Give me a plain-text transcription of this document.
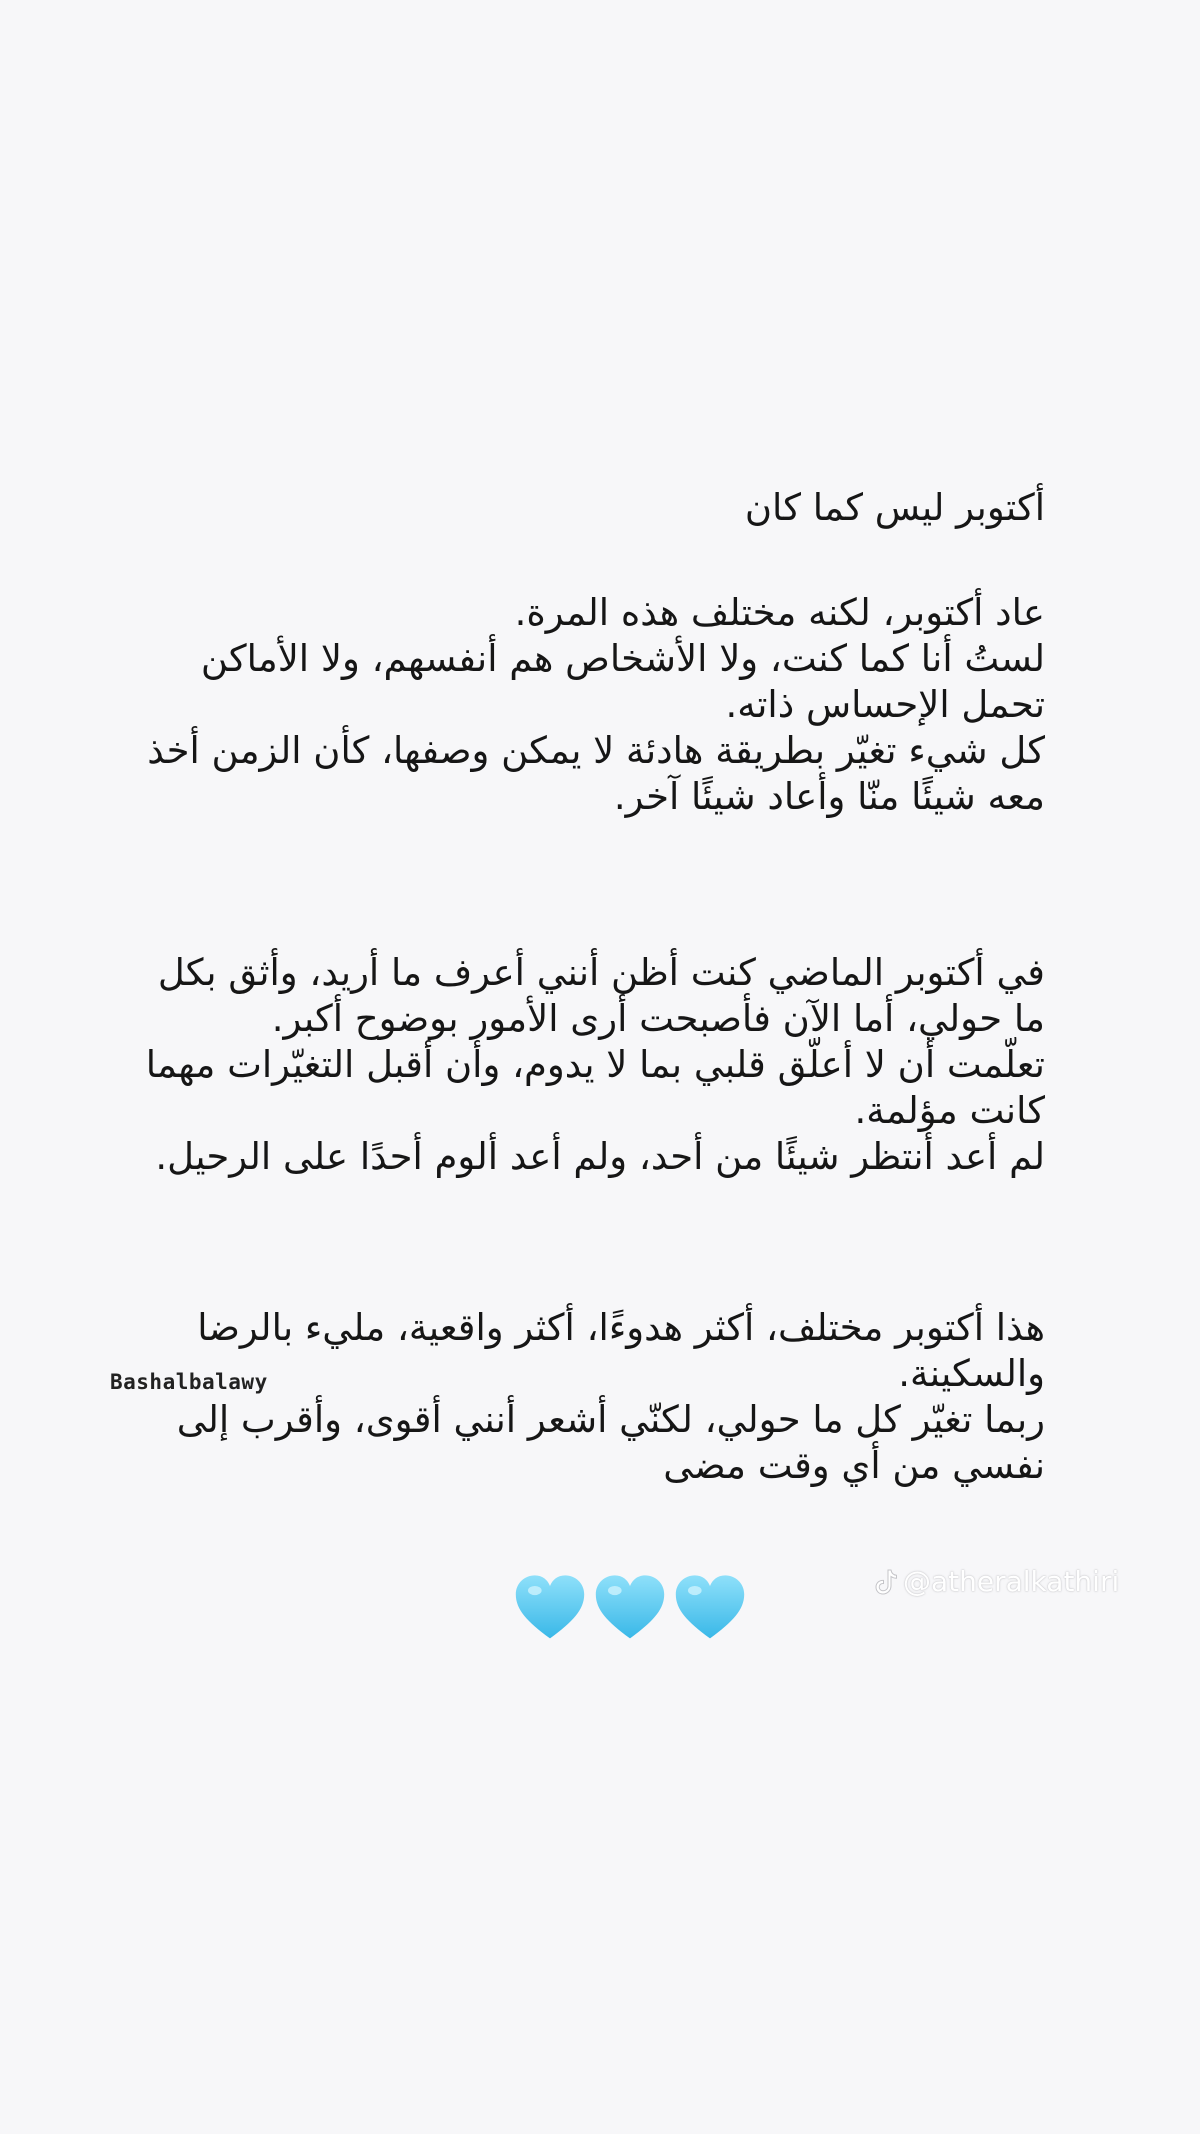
أكتوبر ليس كما كان

عاد أكتوبر، لكنه مختلف هذه المرة.

لستُ أنا كما كنت، ولا الأشخاص هم أنفسهم، ولا الأماكن

تحمل الإحساس ذاته.

كل شيء تغيّر بطريقة هادئة لا يمكن وصفها، كأن الزمن أخذ

معه شيئًا منّا وأعاد شيئًا آخر.

في أكتوبر الماضي كنت أظن أنني أعرف ما أريد، وأثق بكل

ما حولي، أما الآن فأصبحت أرى الأمور بوضوح أكبر.

تعلّمت أن لا أعلّق قلبي بما لا يدوم، وأن أقبل التغيّرات مهما

كانت مؤلمة.

لم أعد أنتظر شيئًا من أحد، ولم أعد ألوم أحدًا على الرحيل.

هذا أكتوبر مختلف، أكثر هدوءًا، أكثر واقعية، مليء بالرضا

والسكينة.

ربما تغيّر كل ما حولي، لكنّي أشعر أنني أقوى، وأقرب إلى

نفسي من أي وقت مضى

Bashalbalawy
@atheralkathiri
